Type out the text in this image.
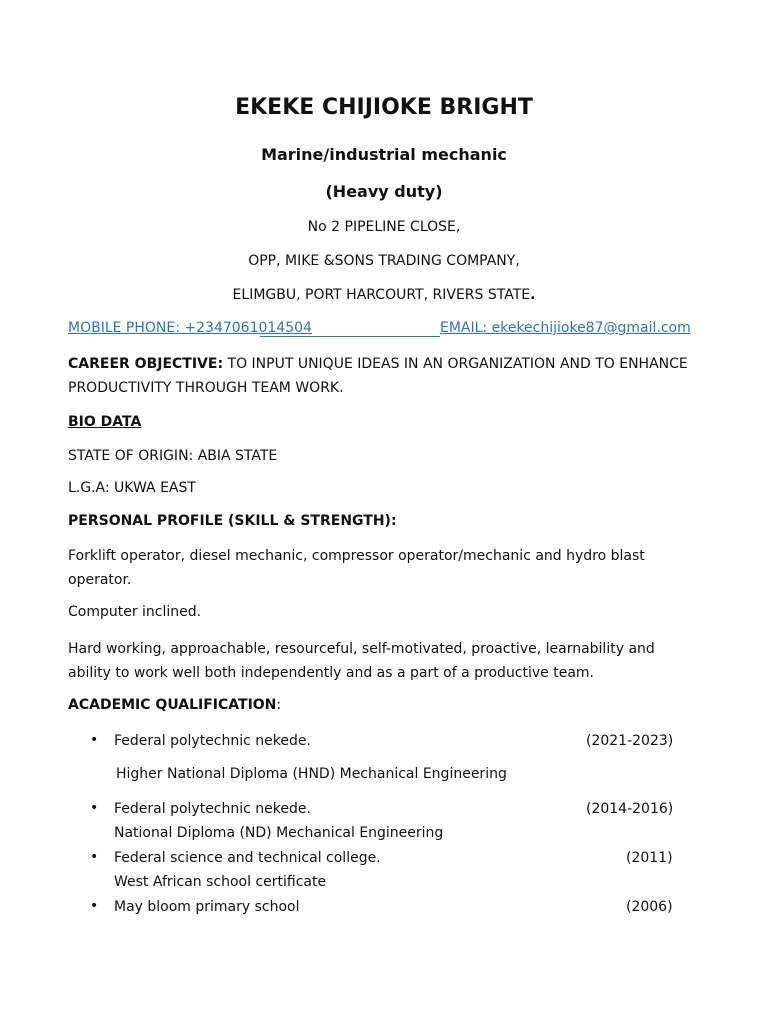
EKEKE CHIJIOKE BRIGHT
Marine/industrial mechanic
(Heavy duty)
No 2 PIPELINE CLOSE,
OPP, MIKE &SONS TRADING COMPANY,
ELIMGBU, PORT HARCOURT, RIVERS STATE.
MOBILE PHONE: +2347061014504	EMAIL: ekekechijioke87@gmail.com
CAREER OBJECTIVE: TO INPUT UNIQUE IDEAS IN AN ORGANIZATION AND TO ENHANCE
PRODUCTIVITY THROUGH TEAM WORK.
BIO DATA
STATE OF ORIGIN: ABIA STATE
L.G.A: UKWA EAST
PERSONAL PROFILE (SKILL & STRENGTH):
Forklift operator, diesel mechanic, compressor operator/mechanic and hydro blast
operator.
Computer inclined.
Hard working, approachable, resourceful, self-motivated, proactive, learnability and
ability to work well both independently and as a part of a productive team.
ACADEMIC QUALIFICATION:
• Federal polytechnic nekede.	(2021-2023)
Higher National Diploma (HND) Mechanical Engineering
• Federal polytechnic nekede.	(2014-2016)
National Diploma (ND) Mechanical Engineering
• Federal science and technical college.	(2011)
West African school certificate
• May bloom primary school	(2006)
